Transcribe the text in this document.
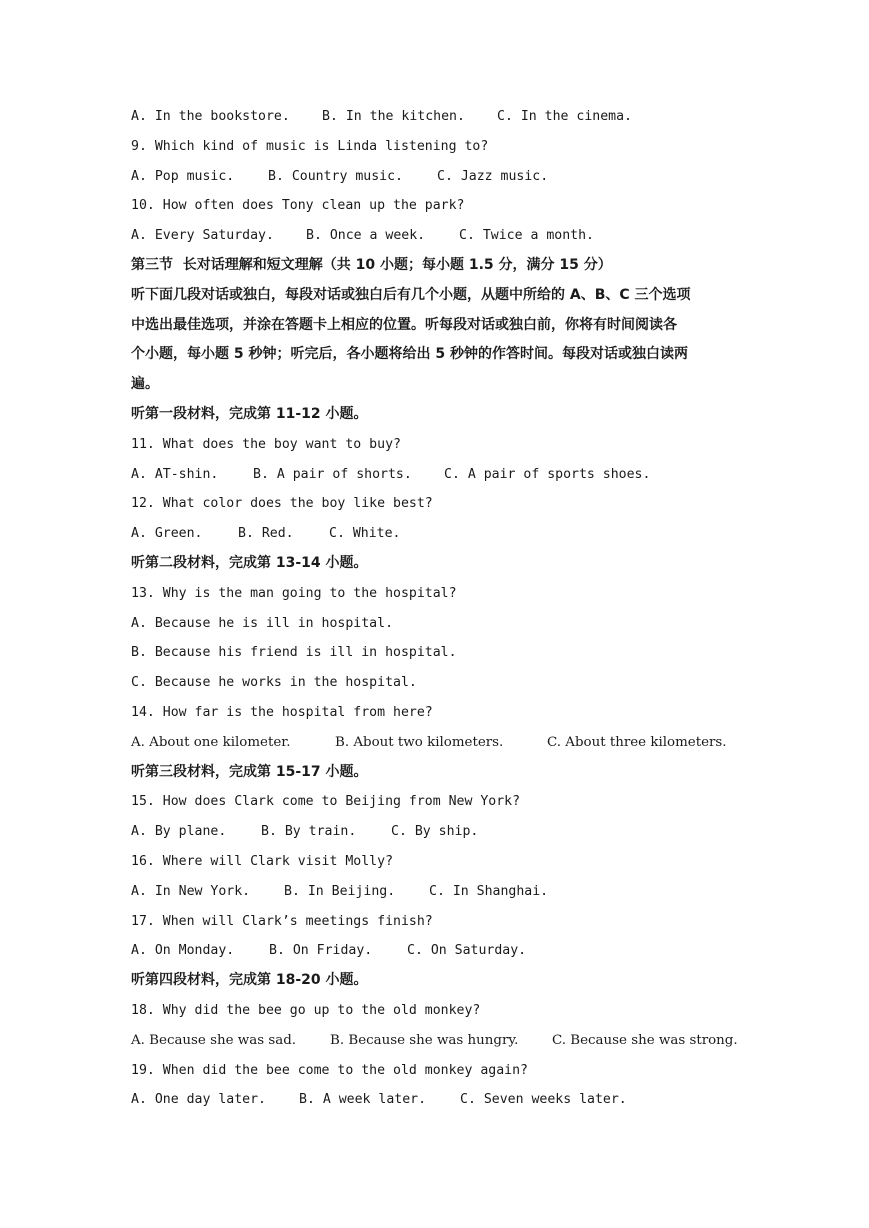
A. In the bookstore.	B. In the kitchen.	C. In the cinema.
9. Which kind of music is Linda listening to?
A. Pop music.	B. Country music.	C. Jazz music.
10. How often does Tony clean up the park?
A. Every Saturday.	B. Once a week.	C. Twice a month.
第三节  长对话理解和短文理解（共 10 小题；每小题 1.5 分，满分 15 分）
听下面几段对话或独白，每段对话或独白后有几个小题，从题中所给的 A、B、C 三个选项
中选出最佳选项，并涂在答题卡上相应的位置。听每段对话或独白前，你将有时间阅读各
个小题，每小题 5 秒钟；听完后，各小题将给出 5 秒钟的作答时间。每段对话或独白读两
遍。
听第一段材料，完成第 11-12 小题。
11. What does the boy want to buy?
A. AT-shin.	B. A pair of shorts.	C. A pair of sports shoes.
12. What color does the boy like best?
A. Green.	B. Red.	C. White.
听第二段材料，完成第 13-14 小题。
13. Why is the man going to the hospital?
A. Because he is ill in hospital.
B. Because his friend is ill in hospital.
C. Because he works in the hospital.
14. How far is the hospital from here?
A. About one kilometer.	B. About two kilometers.	C. About three kilometers.
听第三段材料，完成第 15-17 小题。
15. How does Clark come to Beijing from New York?
A. By plane.	B. By train.	C. By ship.
16. Where will Clark visit Molly?
A. In New York.	B. In Beijing.	C. In Shanghai.
17. When will Clark’s meetings finish?
A. On Monday.	B. On Friday.	C. On Saturday.
听第四段材料，完成第 18-20 小题。
18. Why did the bee go up to the old monkey?
A. Because she was sad.	B. Because she was hungry.	C. Because she was strong.
19. When did the bee come to the old monkey again?
A. One day later.	B. A week later.	C. Seven weeks later.
